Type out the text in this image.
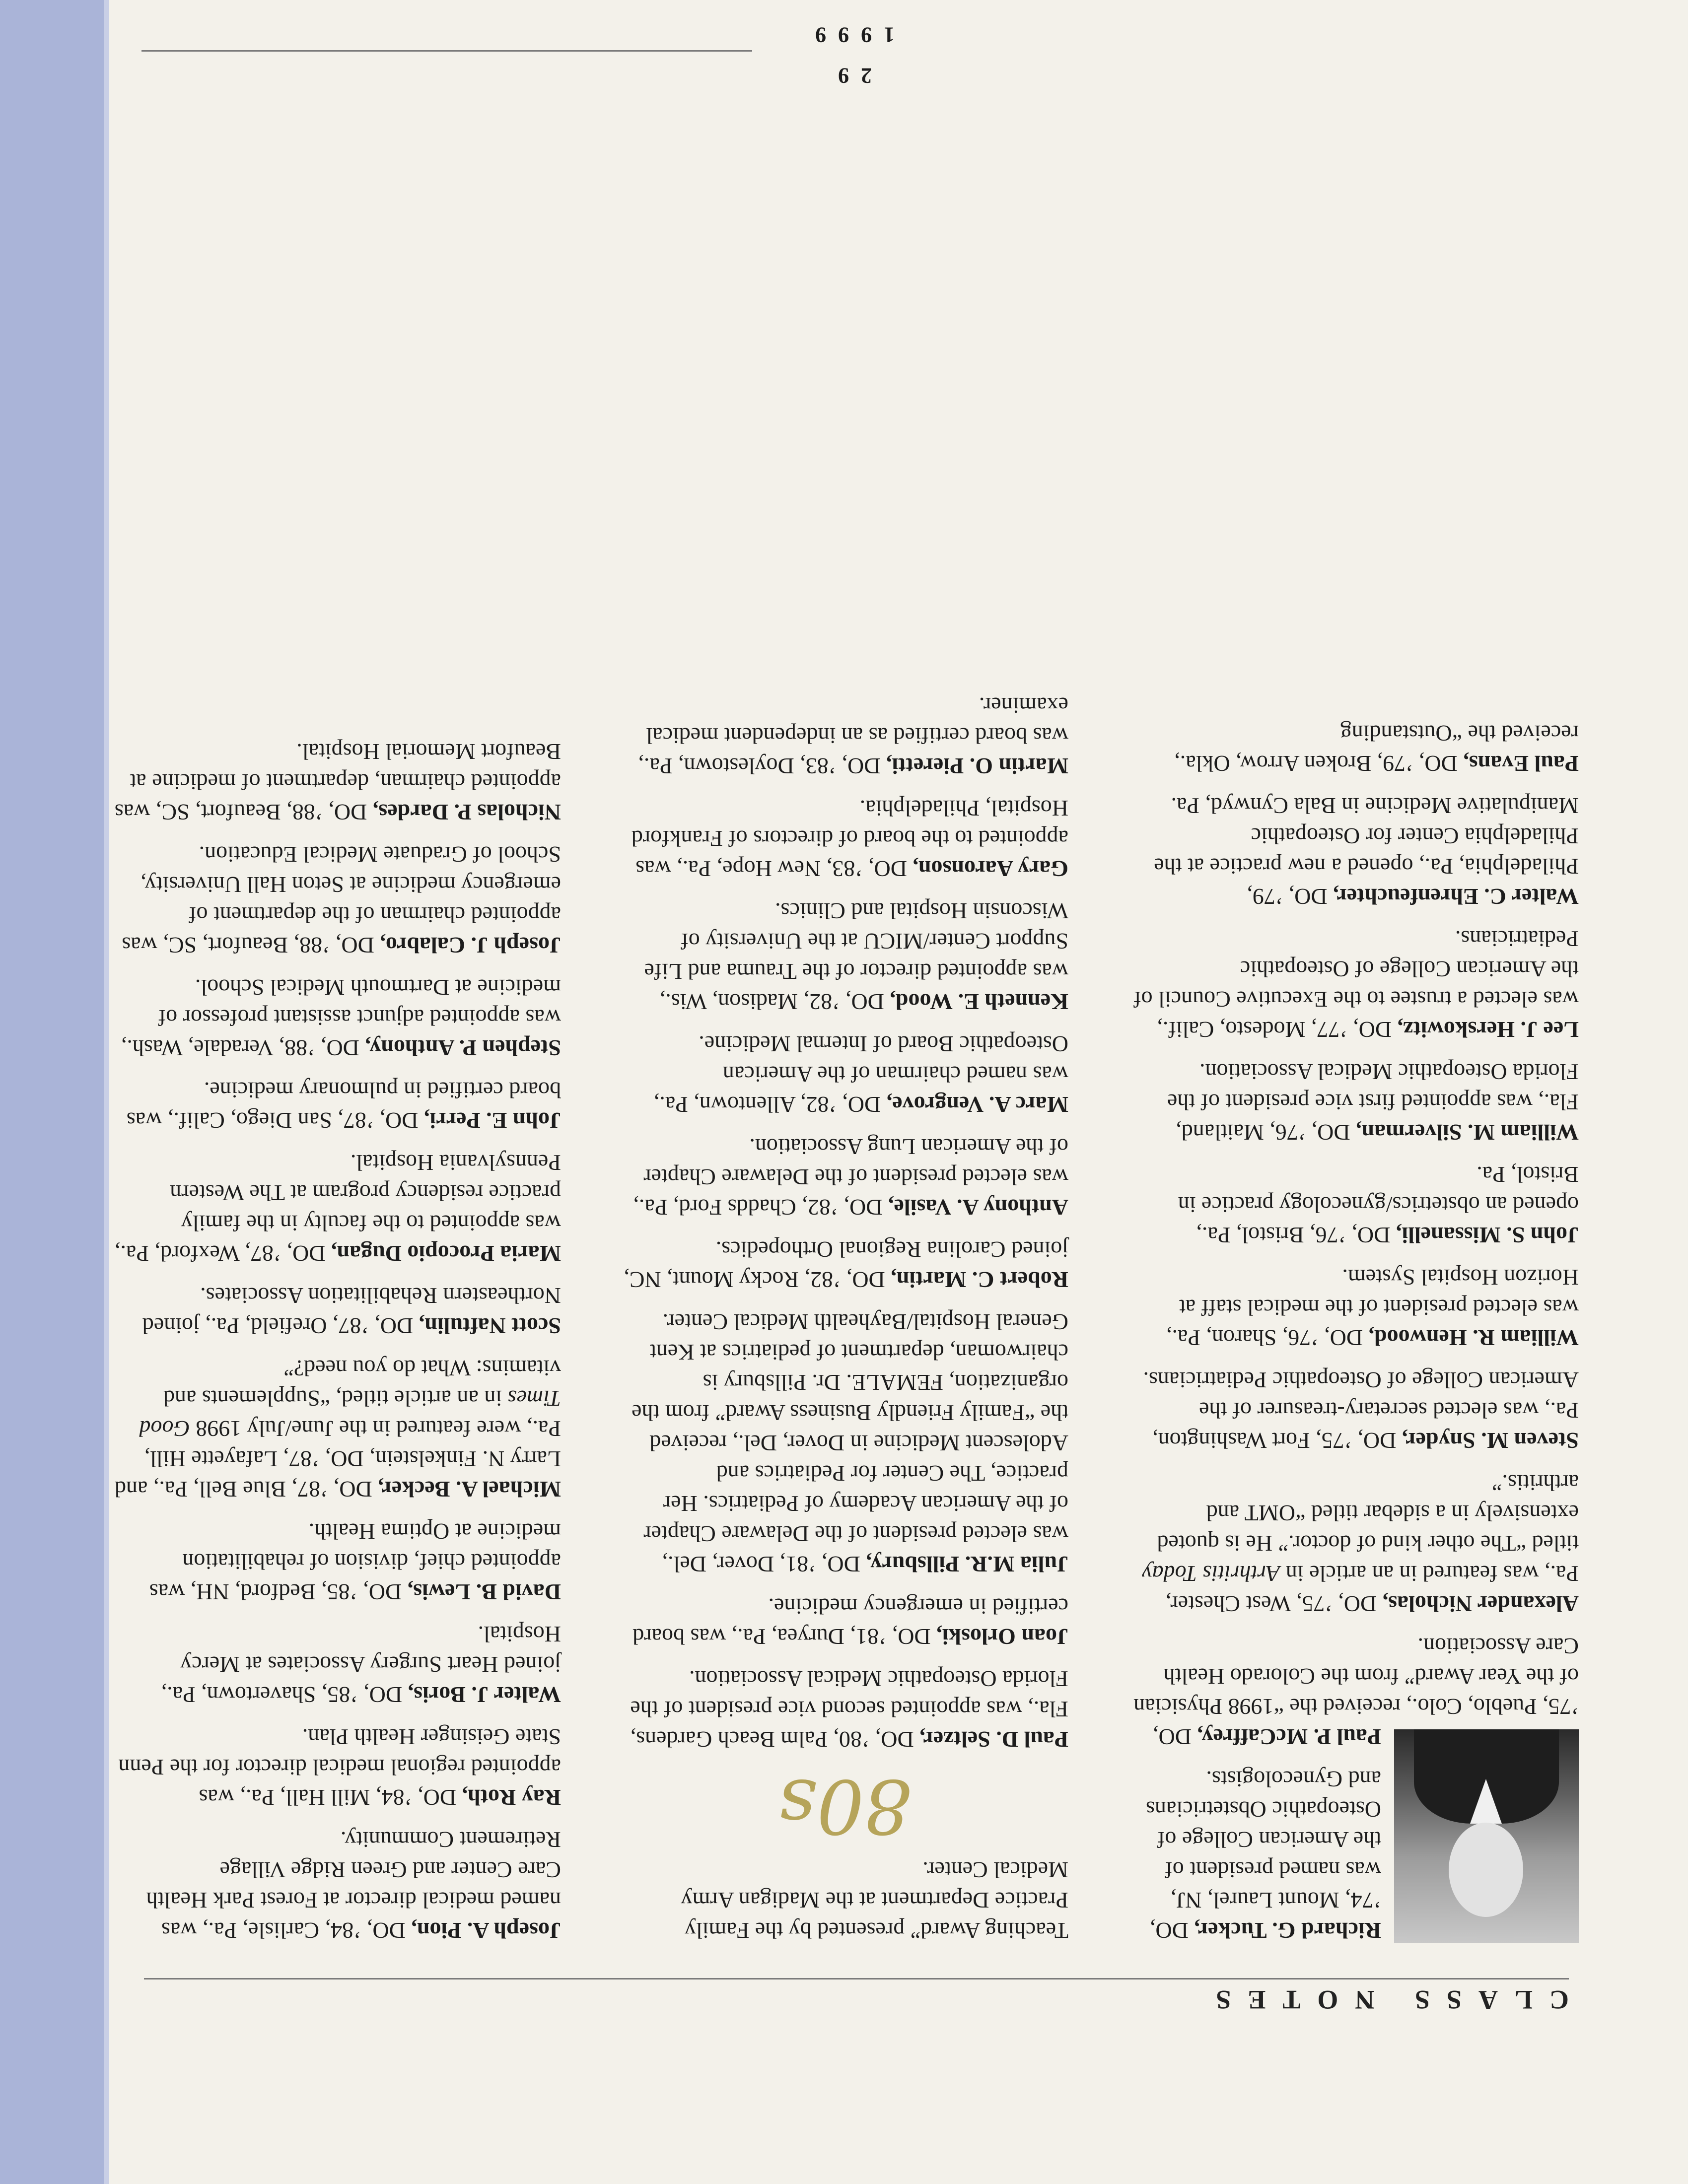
CLASS NOTES

Richard G. Tucker, DO, ’74, Mount Laurel, NJ, was named president of the American College of Osteopathic Obstetricians and Gynecologists.

Paul P. McCaffrey, DO, ’75, Pueblo, Colo., received the “1998 Physician of the Year Award” from the Colorado Health Care Association.

Alexander Nicholas, DO, ’75, West Chester, Pa., was featured in an article in Arthritis Today titled “The other kind of doctor.” He is quoted extensively in a sidebar titled “OMT and arthritis.”

Steven M. Snyder, DO, ’75, Fort Washington, Pa., was elected secretary-treasurer of the American College of Osteopathic Pediatricians.

William R. Henwood, DO, ’76, Sharon, Pa., was elected president of the medical staff at Horizon Hospital System.

John S. Missanelli, DO, ’76, Bristol, Pa., opened an obstetrics/gynecology practice in Bristol, Pa.

William M. Silverman, DO, ’76, Maitland, Fla., was appointed first vice president of the Florida Osteopathic Medical Association.

Lee J. Herskowitz, DO, ’77, Modesto, Calif., was elected a trustee to the Executive Council of the American College of Osteopathic Pediatricians.

Walter C. Ehrenfeuchter, DO, ’79, Philadelphia, Pa., opened a new practice at the Philadelphia Center for Osteopathic Manipulative Medicine in Bala Cynwyd, Pa.

Paul Evans, DO, ’79, Broken Arrow, Okla., received the “Outstanding

Teaching Award” presented by the Family Practice Department at the Madigan Army Medical Center.

80s

Paul D. Seltzer, DO, ’80, Palm Beach Gardens, Fla., was appointed second vice president of the Florida Osteopathic Medical Association.

Joan Orloski, DO, ’81, Duryea, Pa., was board certified in emergency medicine.

Julia M.R. Pillsbury, DO, ’81, Dover, Del., was elected president of the Delaware Chapter of the American Academy of Pediatrics. Her practice, The Center for Pediatrics and Adolescent Medicine in Dover, Del., received the “Family Friendly Business Award” from the organization, FEMALE. Dr. Pillsbury is chairwoman, department of pediatrics at Kent General Hospital/Bayhealth Medical Center.

Robert C. Martin, DO, ’82, Rocky Mount, NC, joined Carolina Regional Orthopedics.

Anthony A. Vasile, DO, ’82, Chadds Ford, Pa., was elected president of the Delaware Chapter of the American Lung Association.

Marc A. Vengrove, DO, ’82, Allentown, Pa., was named chairman of the American Osteopathic Board of Internal Medicine.

Kenneth E. Wood, DO, ’82, Madison, Wis., was appointed director of the Trauma and Life Support Center/MICU at the University of Wisconsin Hospital and Clinics.

Gary Aaronson, DO, ’83, New Hope, Pa., was appointed to the board of directors of Frankford Hospital, Philadelphia.

Martin O. Pieretti, DO, ’83, Doylestown, Pa., was board certified as an independent medical examiner.

Joseph A. Pion, DO, ’84, Carlisle, Pa., was named medical director at Forest Park Health Care Center and Green Ridge Village Retirement Community.

Ray Roth, DO, ’84, Mill Hall, Pa., was appointed regional medical director for the Penn State Geisinger Health Plan.

Walter J. Boris, DO, ’85, Shavertown, Pa., joined Heart Surgery Associates at Mercy Hospital.

David B. Lewis, DO, ’85, Bedford, NH, was appointed chief, division of rehabilitation medicine at Optima Health.

Michael A. Becker, DO, ’87, Blue Bell, Pa., and Larry N. Finkelstein, DO, ’87, Lafayette Hill, Pa., were featured in the June/July 1998 Good Times in an article titled, “Supplements and vitamins: What do you need?”

Scott Naftulin, DO, ’87, Orefield, Pa., joined Northeastern Rehabilitation Associates.

Maria Procopio Dugan, DO, ’87, Wexford, Pa., was appointed to the faculty in the family practice residency program at The Western Pennsylvania Hospital.

John E. Perri, DO, ’87, San Diego, Calif., was board certified in pulmonary medicine.

Stephen P. Anthony, DO, ’88, Veradale, Wash., was appointed adjunct assistant professor of medicine at Dartmouth Medical School.

Joseph J. Calabro, DO, ’88, Beaufort, SC, was appointed chairman of the department of emergency medicine at Seton Hall University, School of Graduate Medical Education.

Nicholas P. Dardes, DO, ’88, Beaufort, SC, was appointed chairman, department of medicine at Beaufort Memorial Hospital.

29
1999
